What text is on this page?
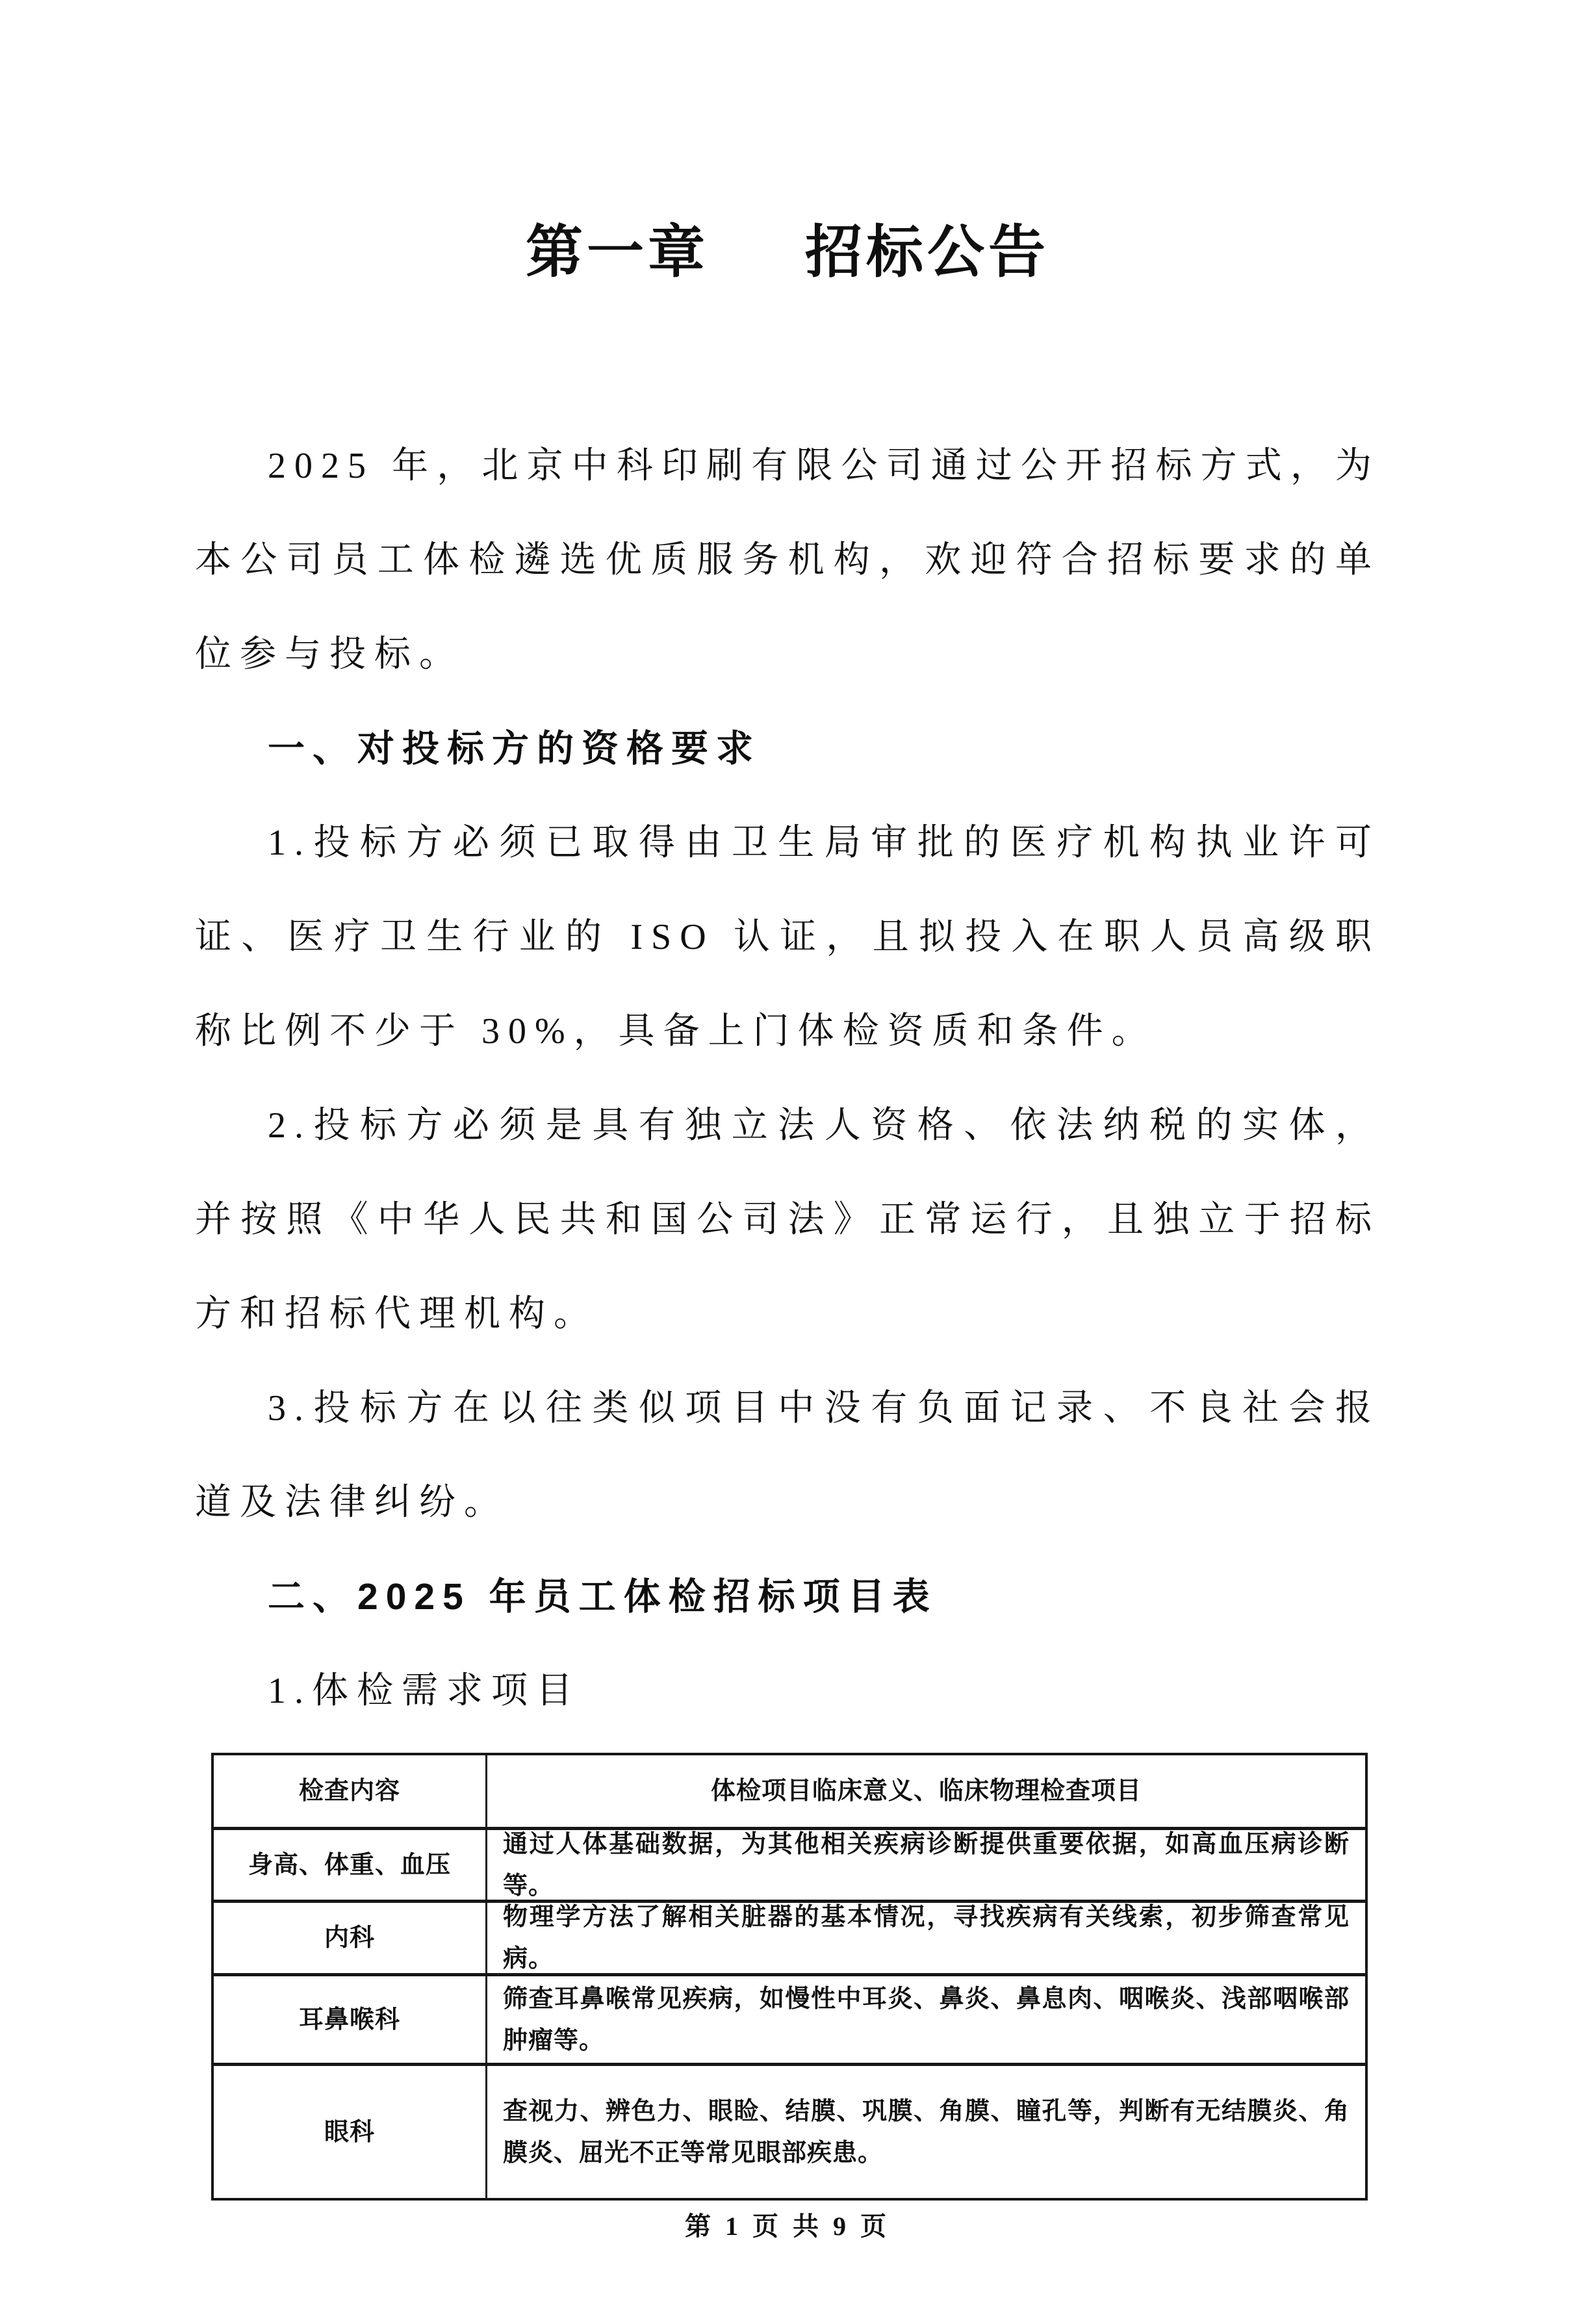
第一章 招标公告

2025 年，北京中科印刷有限公司通过公开招标方式，为本公司员工体检遴选优质服务机构，欢迎符合招标要求的单位参与投标。

一、对投标方的资格要求

1.投标方必须已取得由卫生局审批的医疗机构执业许可证、医疗卫生行业的 ISO 认证，且拟投入在职人员高级职称比例不少于 30%，具备上门体检资质和条件。

2.投标方必须是具有独立法人资格、依法纳税的实体，并按照《中华人民共和国公司法》正常运行，且独立于招标方和招标代理机构。

3.投标方在以往类似项目中没有负面记录、不良社会报道及法律纠纷。

二、2025 年员工体检招标项目表

1.体检需求项目

检查内容	体检项目临床意义、临床物理检查项目
身高、体重、血压
通过人体基础数据，为其他相关疾病诊断提供重要依据，如高血压病诊断等。
内科
物理学方法了解相关脏器的基本情况，寻找疾病有关线索，初步筛查常见病。
耳鼻喉科
筛查耳鼻喉常见疾病，如慢性中耳炎、鼻炎、鼻息肉、咽喉炎、浅部咽喉部肿瘤等。
眼科
查视力、辨色力、眼睑、结膜、巩膜、角膜、瞳孔等，判断有无结膜炎、角膜炎、屈光不正等常见眼部疾患。
第 1 页 共 9 页
